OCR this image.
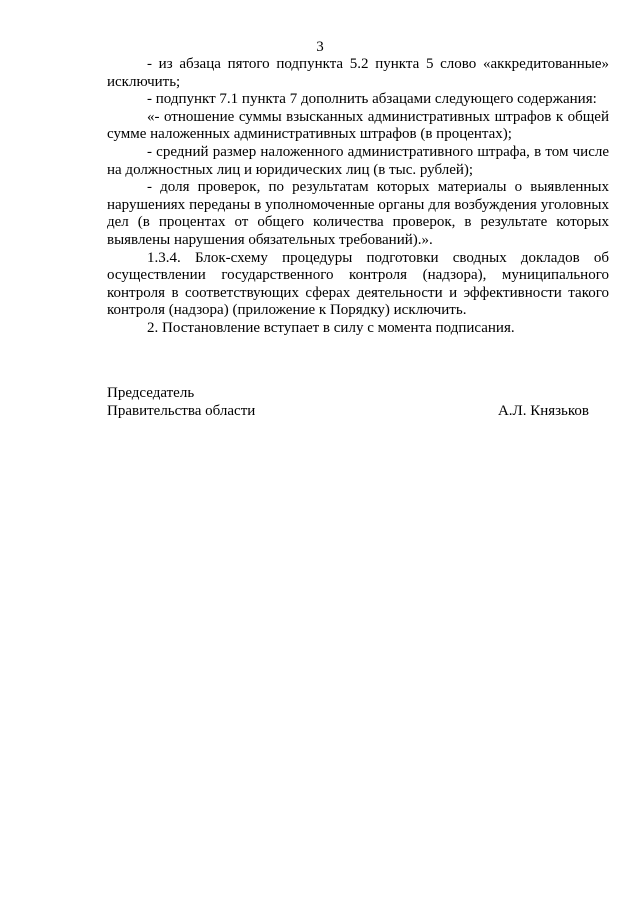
3

- из абзаца пятого подпункта 5.2 пункта 5 слово «аккредитованные» исключить;

- подпункт 7.1 пункта 7 дополнить абзацами следующего содержания:

«- отношение суммы взысканных административных штрафов к общей сумме наложенных административных штрафов (в процентах);

- средний размер наложенного административного штрафа, в том числе на должностных лиц и юридических лиц (в тыс. рублей);

- доля проверок, по результатам которых материалы о выявленных нарушениях переданы в уполномоченные органы для возбуждения уголовных дел (в процентах от общего количества проверок, в результате которых выявлены нарушения обязательных требований).».

1.3.4. Блок-схему процедуры подготовки сводных докладов об осуществлении государственного контроля (надзора), муниципального контроля в соответствующих сферах деятельности и эффективности такого контроля (надзора) (приложение к Порядку) исключить.

2. Постановление вступает в силу с момента подписания.

Председатель
Правительства области	А.Л. Князьков
